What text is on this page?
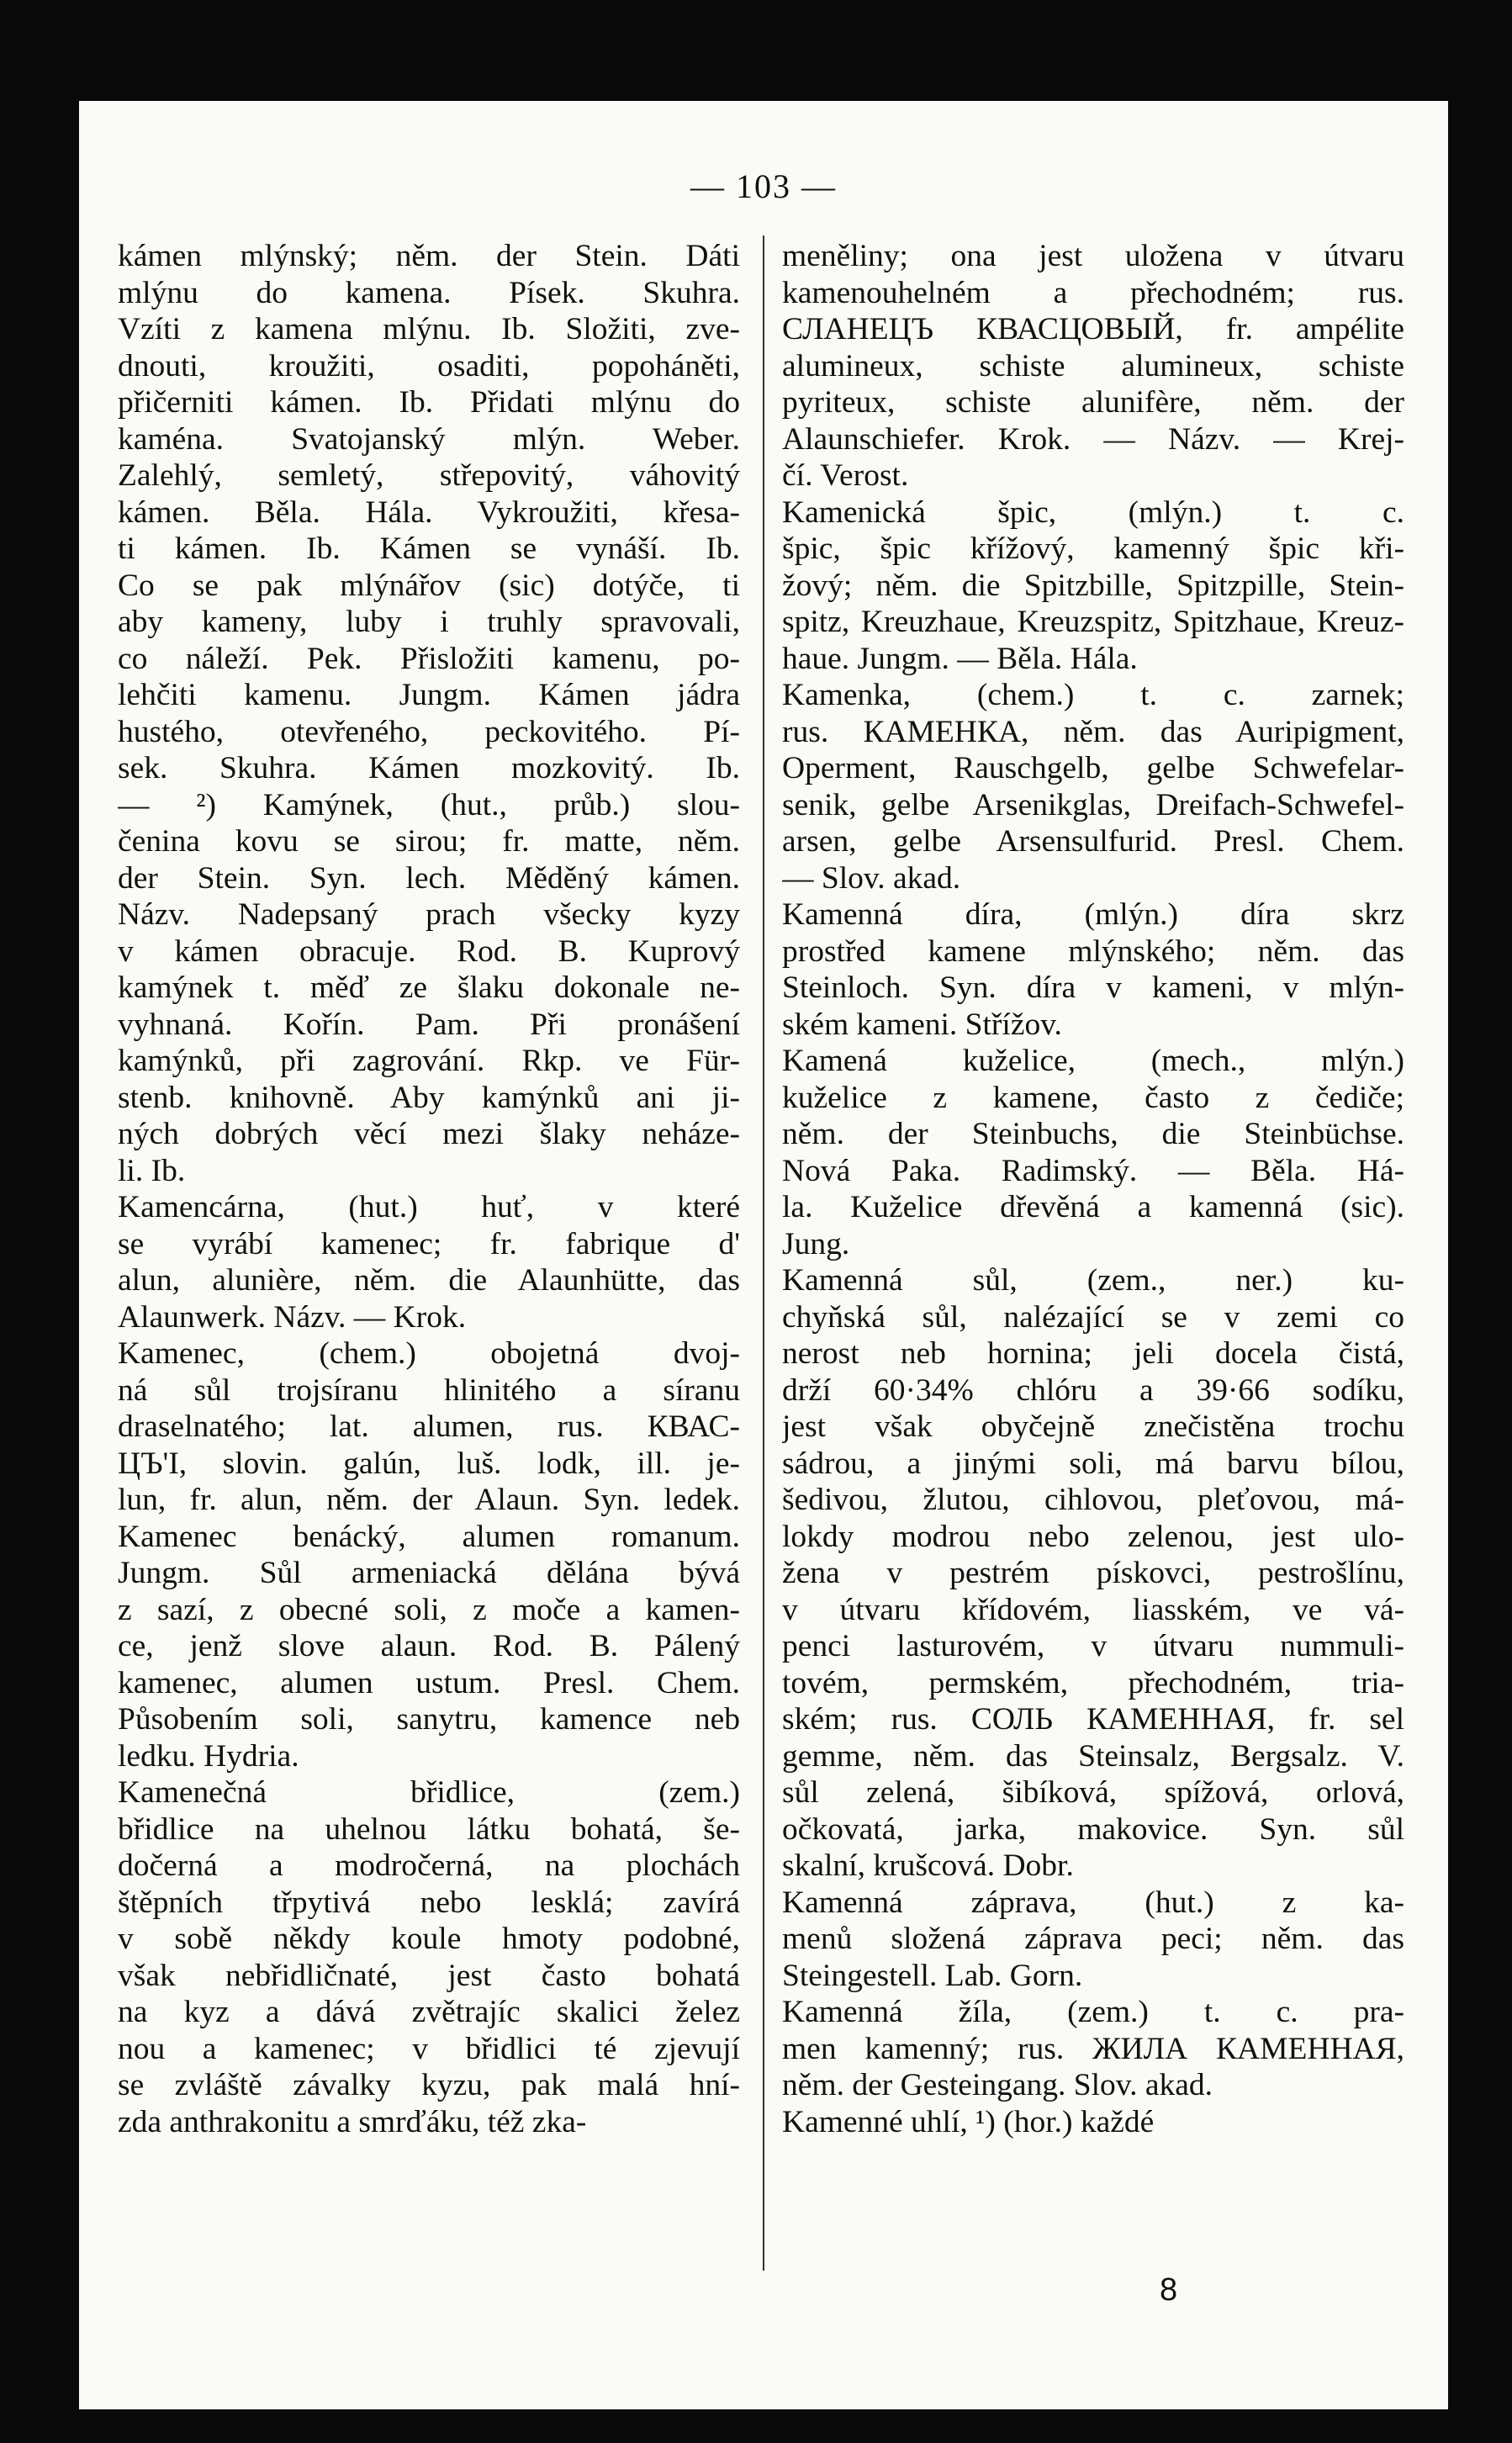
— 103 —
kámen mlýnský; něm. der Stein. Dáti
mlýnu do kamena. Písek. Skuhra.
Vzíti z kamena mlýnu. Ib. Složiti, zve-
dnouti, kroužiti, osaditi, popoháněti,
přičerniti kámen. Ib. Přidati mlýnu do
kaména. Svatojanský mlýn. Weber.
Zalehlý, semletý, střepovitý, váhovitý
kámen. Běla. Hála. Vykroužiti, křesa-
ti kámen. Ib. Kámen se vynáší. Ib.
Co se pak mlýnářov (sic) dotýče, ti
aby kameny, luby i truhly spravovali,
co náleží. Pek. Přisložiti kamenu, po-
lehčiti kamenu. Jungm. Kámen jádra
hustého, otevřeného, peckovitého. Pí-
sek. Skuhra. Kámen mozkovitý. Ib.
— ²) Kamýnek, (hut., průb.) slou-
čenina kovu se sirou; fr. matte, něm.
der Stein. Syn. lech. Měděný kámen.
Názv. Nadepsaný prach všecky kyzy
v kámen obracuje. Rod. B. Kuprový
kamýnek t. měď ze šlaku dokonale ne-
vyhnaná. Kořín. Pam. Při pronášení
kamýnků, při zagrování. Rkp. ve Für-
stenb. knihovně. Aby kamýnků ani ji-
ných dobrých věcí mezi šlaky neháze-
li. Ib.
Kamencárna, (hut.) huť, v které
se vyrábí kamenec; fr. fabrique d'
alun, alunière, něm. die Alaunhütte, das
Alaunwerk. Názv. — Krok.
Kamenec, (chem.) obojetná dvoj-
ná sůl trojsíranu hlinitého a síranu
draselnatého; lat. alumen, rus. КВАС-
ЦЪ'І, slovin. galún, luš. lodk, ill. je-
lun, fr. alun, něm. der Alaun. Syn. ledek.
Kamenec benácký, alumen romanum.
Jungm. Sůl armeniacká dělána bývá
z sazí, z obecné soli, z moče a kamen-
ce, jenž slove alaun. Rod. B. Pálený
kamenec, alumen ustum. Presl. Chem.
Působením soli, sanytru, kamence neb
ledku. Hydria.
Kamenečná břidlice, (zem.)
břidlice na uhelnou látku bohatá, še-
dočerná a modročerná, na plochách
štěpních třpytivá nebo lesklá; zavírá
v sobě někdy koule hmoty podobné,
však nebřidličnaté, jest často bohatá
na kyz a dává zvětrajíc skalici želez
nou a kamenec; v břidlici té zjevují
se zvláště závalky kyzu, pak malá hní-
zda anthrakonitu a smrďáku, též zka-
meněliny; ona jest uložena v útvaru
kamenouhelném a přechodném; rus.
СЛАНЕЦЪ КВАСЦОВЫЙ, fr. ampélite
alumineux, schiste alumineux, schiste
pyriteux, schiste alunifère, něm. der
Alaunschiefer. Krok. — Názv. — Krej-
čí. Verost.
Kamenická špic, (mlýn.) t. c.
špic, špic křížový, kamenný špic kři-
žový; něm. die Spitzbille, Spitzpille, Stein-
spitz, Kreuzhaue, Kreuzspitz, Spitzhaue, Kreuz-
haue. Jungm. — Běla. Hála.
Kamenka, (chem.) t. c. zarnek;
rus. КАМЕНКА, něm. das Auripigment,
Operment, Rauschgelb, gelbe Schwefelar-
senik, gelbe Arsenikglas, Dreifach-Schwefel-
arsen, gelbe Arsensulfurid. Presl. Chem.
— Slov. akad.
Kamenná díra, (mlýn.) díra skrz
prostřed kamene mlýnského; něm. das
Steinloch. Syn. díra v kameni, v mlýn-
ském kameni. Střížov.
Kamená kuželice, (mech., mlýn.)
kuželice z kamene, často z čediče;
něm. der Steinbuchs, die Steinbüchse.
Nová Paka. Radimský. — Běla. Há-
la. Kuželice dřevěná a kamenná (sic).
Jung.
Kamenná sůl, (zem., ner.) ku-
chyňská sůl, nalézající se v zemi co
nerost neb hornina; jeli docela čistá,
drží 60·34% chlóru a 39·66 sodíku,
jest však obyčejně znečistěna trochu
sádrou, a jinými soli, má barvu bílou,
šedivou, žlutou, cihlovou, pleťovou, má-
lokdy modrou nebo zelenou, jest ulo-
žena v pestrém pískovci, pestrošlínu,
v útvaru křídovém, liasském, ve vá-
penci lasturovém, v útvaru nummuli-
tovém, permském, přechodném, tria-
ském; rus. СОЛЬ КАМЕННАЯ, fr. sel
gemme, něm. das Steinsalz, Bergsalz. V.
sůl zelená, šibíková, spížová, orlová,
očkovatá, jarka, makovice. Syn. sůl
skalní, krušcová. Dobr.
Kamenná záprava, (hut.) z ka-
menů složená záprava peci; něm. das
Steingestell. Lab. Gorn.
Kamenná žíla, (zem.) t. c. pra-
men kamenný; rus. ЖИЛА КАМЕННАЯ,
něm. der Gesteingang. Slov. akad.
Kamenné uhlí, ¹) (hor.) každé
8
